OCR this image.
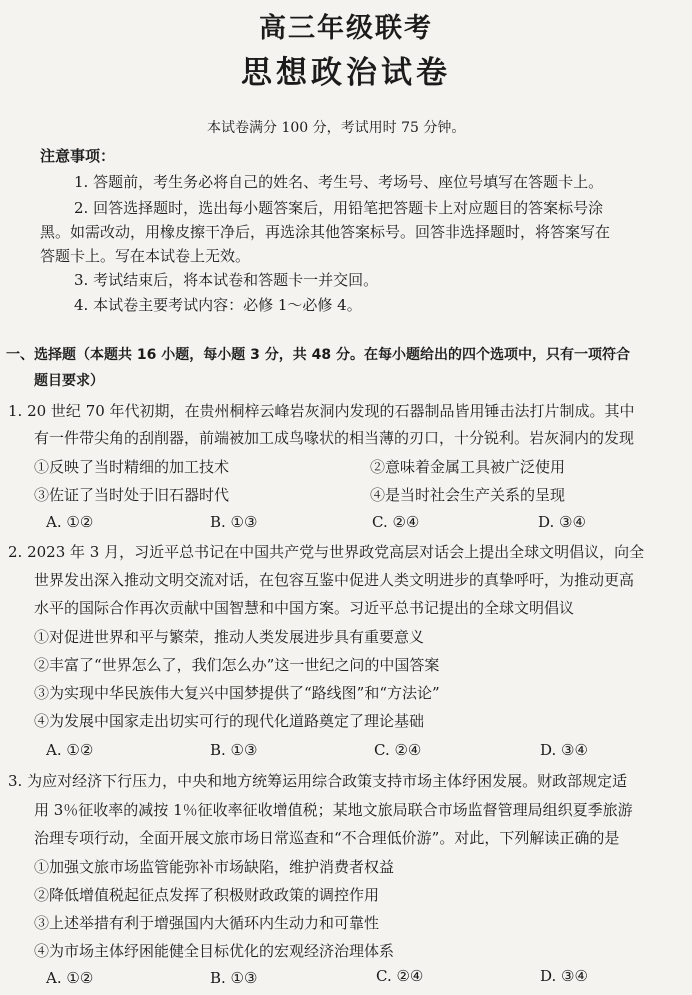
高三年级联考
思想政治试卷
本试卷满分 100 分，考试用时 75 分钟。
注意事项：
1. 答题前，考生务必将自己的姓名、考生号、考场号、座位号填写在答题卡上。
2. 回答选择题时，选出每小题答案后，用铅笔把答题卡上对应题目的答案标号涂
黑。如需改动，用橡皮擦干净后，再选涂其他答案标号。回答非选择题时，将答案写在
答题卡上。写在本试卷上无效。
3. 考试结束后，将本试卷和答题卡一并交回。
4. 本试卷主要考试内容：必修 1～必修 4。
一、选择题（本题共 16 小题，每小题 3 分，共 48 分。在每小题给出的四个选项中，只有一项符合
题目要求）
1. 20 世纪 70 年代初期，在贵州桐梓云峰岩灰洞内发现的石器制品皆用锤击法打片制成。其中
有一件带尖角的刮削器，前端被加工成鸟喙状的相当薄的刃口，十分锐利。岩灰洞内的发现
①反映了当时精细的加工技术	②意味着金属工具被广泛使用
③佐证了当时处于旧石器时代	④是当时社会生产关系的呈现
A. ①②	B. ①③	C. ②④	D. ③④
2. 2023 年 3 月，习近平总书记在中国共产党与世界政党高层对话会上提出全球文明倡议，向全
世界发出深入推动文明交流对话，在包容互鉴中促进人类文明进步的真挚呼吁，为推动更高
水平的国际合作再次贡献中国智慧和中国方案。习近平总书记提出的全球文明倡议
①对促进世界和平与繁荣，推动人类发展进步具有重要意义
②丰富了“世界怎么了，我们怎么办”这一世纪之问的中国答案
③为实现中华民族伟大复兴中国梦提供了“路线图”和“方法论”
④为发展中国家走出切实可行的现代化道路奠定了理论基础
A. ①②	B. ①③	C. ②④	D. ③④
3. 为应对经济下行压力，中央和地方统筹运用综合政策支持市场主体纾困发展。财政部规定适
用 3％征收率的减按 1％征收率征收增值税；某地文旅局联合市场监督管理局组织夏季旅游
治理专项行动，全面开展文旅市场日常巡查和“不合理低价游”。对此，下列解读正确的是
①加强文旅市场监管能弥补市场缺陷，维护消费者权益
②降低增值税起征点发挥了积极财政政策的调控作用
③上述举措有利于增强国内大循环内生动力和可靠性
④为市场主体纾困能健全目标优化的宏观经济治理体系
A. ①②	B. ①③	C. ②④	D. ③④
